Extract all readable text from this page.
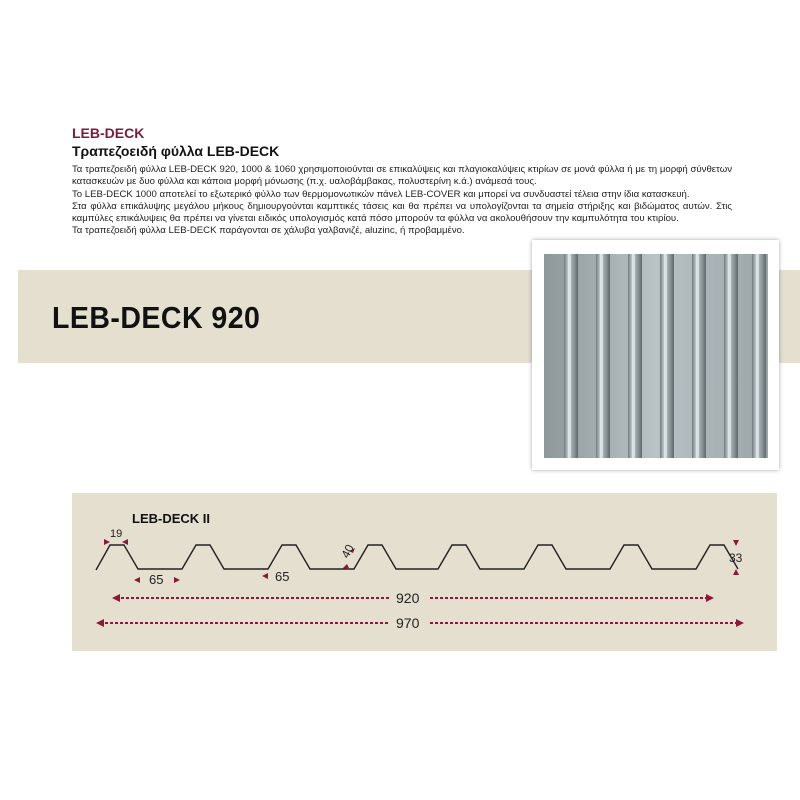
LEB-DECK
Τραπεζοειδή φύλλα LEB-DECK

Τα τραπεζοειδή φύλλα LEB-DECK 920, 1000 & 1060 χρησιμοποιούνται σε επικαλύψεις και πλαγιοκαλύψεις κτιρίων σε μονά φύλλα ή με τη μορφή σύνθετων κατασκευών με δυο φύλλα και κάποια μορφή μόνωσης (π.χ. υαλοβάμβακας, πολυστερίνη κ.ά.) ανάμεσά τους.

Το LEB-DECK 1000 αποτελεί το εξωτερικό φύλλο των θερμομονωτικών πάνελ LEB-COVER και μπορεί να συνδυαστεί τέλεια στην ίδια κατασκευή.

Στα φύλλα επικάλυψης μεγάλου μήκους δημιουργούνται καμπτικές τάσεις και θα πρέπει να υπολογίζονται τα σημεία στήριξης και βιδώματος αυτών. Στις καμπύλες επικάλυψεις θα πρέπει να γίνεται ειδικός υπολογισμός κατά πόσο μπορούν τα φύλλα να ακολουθήσουν την καμπυλότητα του κτιρίου.

Τα τραπεζοειδή φύλλα LEB-DECK παράγονται σε χάλυβα γαλβανιζέ, aluzinc, ή προβαμμένο.

LEB-DECK 920
LEB-DECK II
19
65	65
40	33
920
970
